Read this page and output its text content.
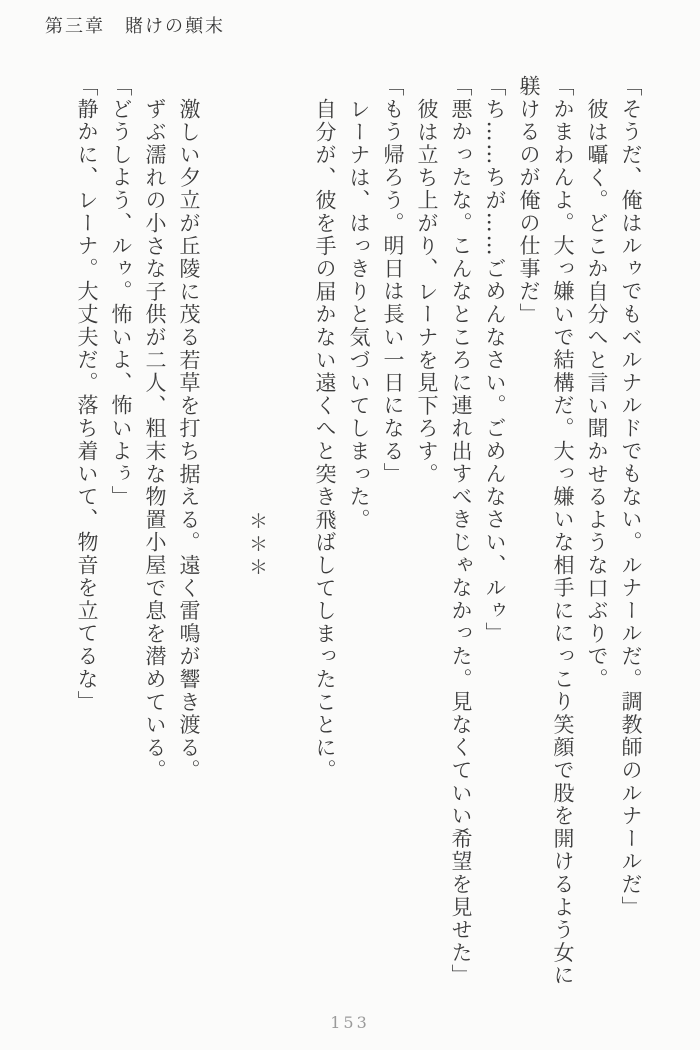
第三章　賭けの顛末
「そうだ、俺はルゥでもベルナルドでもない。ルナールだ。調教師のルナールだ」
彼は囁く。どこか自分へと言い聞かせるような口ぶりで。
「かまわんよ。大っ嫌いで結構だ。大っ嫌いな相手ににっこり笑顔で股を開けるよう女に
躾けるのが俺の仕事だ」
「ち……ちが……ごめんなさい。ごめんなさい、ルゥ」
「悪かったな。こんなところに連れ出すべきじゃなかった。見なくていい希望を見せた」
彼は立ち上がり、レーナを見下ろす。
「もう帰ろう。明日は長い一日になる」
レーナは、はっきりと気づいてしまった。
自分が、彼を手の届かない遠くへと突き飛ばしてしまったことに。
＊＊＊
激しい夕立が丘陵に茂る若草を打ち据える。遠く雷鳴が響き渡る。
ずぶ濡れの小さな子供が二人、粗末な物置小屋で息を潜めている。
「どうしよう、ルゥ。怖いよ、怖いよぅ」
「静かに、レーナ。大丈夫だ。落ち着いて、物音を立てるな」
153
